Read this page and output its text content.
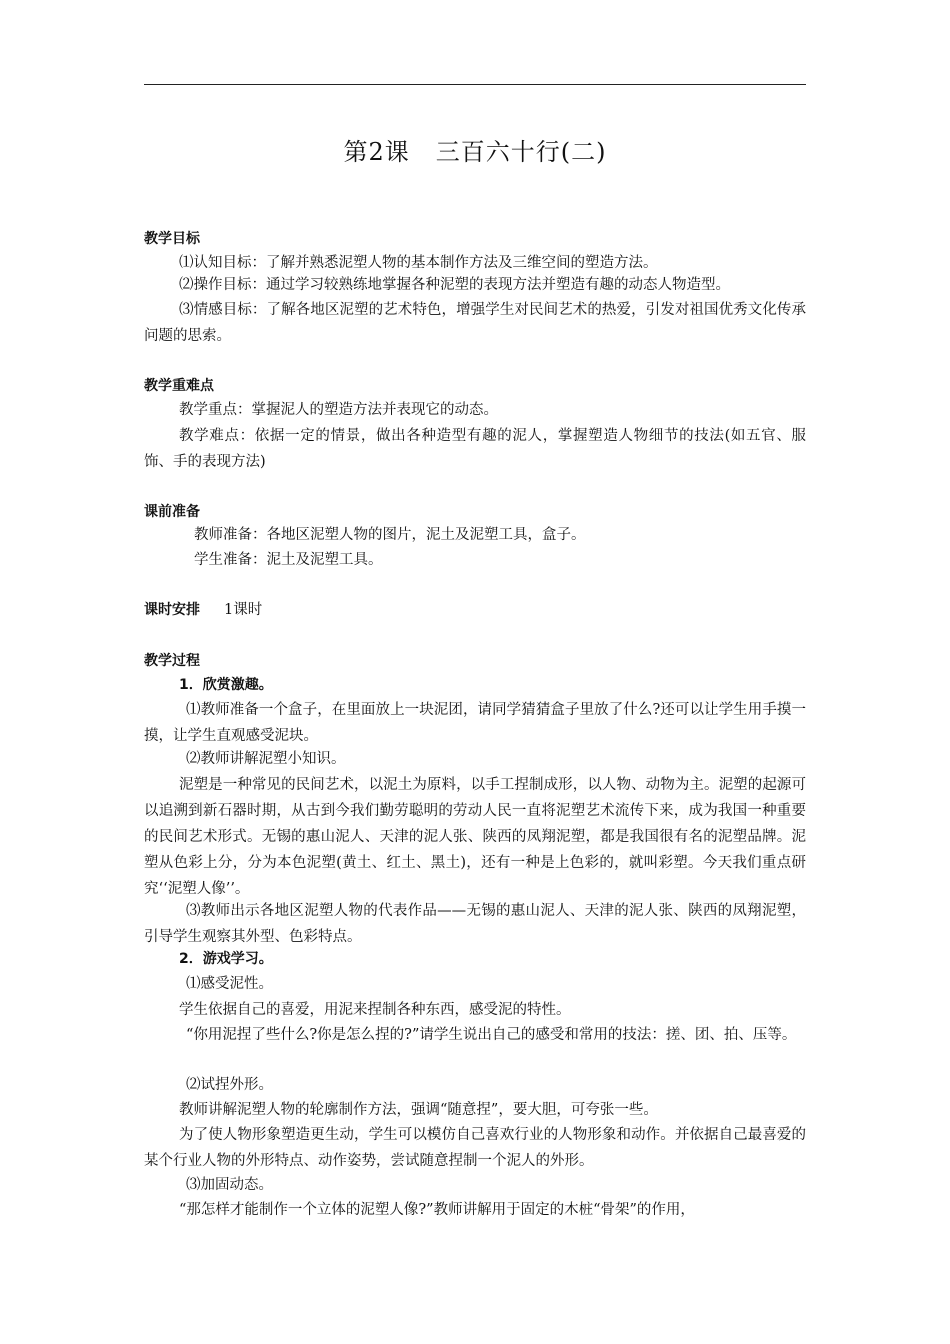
第2课 三百六十行(二)
教学目标
⑴认知目标：了解并熟悉泥塑人物的基本制作方法及三维空间的塑造方法。
⑵操作目标：通过学习较熟练地掌握各种泥塑的表现方法并塑造有趣的动态人物造型。
⑶情感目标：了解各地区泥塑的艺术特色，增强学生对民间艺术的热爱，引发对祖国优秀文化传承问题的思索。
教学重难点
教学重点：掌握泥人的塑造方法并表现它的动态。
教学难点：依据一定的情景，做出各种造型有趣的泥人，掌握塑造人物细节的技法(如五官、服饰、手的表现方法)
课前准备
教师准备：各地区泥塑人物的图片，泥土及泥塑工具，盒子。
学生准备：泥土及泥塑工具。
课时安排 1课时
教学过程
1．欣赏激趣。
⑴教师准备一个盒子，在里面放上一块泥团，请同学猜猜盒子里放了什么?还可以让学生用手摸一摸，让学生直观感受泥块。
⑵教师讲解泥塑小知识。
泥塑是一种常见的民间艺术，以泥土为原料，以手工捏制成形，以人物、动物为主。泥塑的起源可以追溯到新石器时期，从古到今我们勤劳聪明的劳动人民一直将泥塑艺术流传下来，成为我国一种重要的民间艺术形式。无锡的惠山泥人、天津的泥人张、陕西的凤翔泥塑，都是我国很有名的泥塑品牌。泥塑从色彩上分，分为本色泥塑(黄土、红土、黑土)，还有一种是上色彩的，就叫彩塑。今天我们重点研究‘‘泥塑人像’’。
⑶教师出示各地区泥塑人物的代表作品——无锡的惠山泥人、天津的泥人张、陕西的凤翔泥塑，引导学生观察其外型、色彩特点。
2．游戏学习。
⑴感受泥性。
学生依据自己的喜爱，用泥来捏制各种东西，感受泥的特性。
“你用泥捏了些什么?你是怎么捏的?”请学生说出自己的感受和常用的技法：搓、团、拍、压等。
⑵试捏外形。
教师讲解泥塑人物的轮廓制作方法，强调“随意捏”，要大胆，可夸张一些。
为了使人物形象塑造更生动，学生可以模仿自己喜欢行业的人物形象和动作。并依据自己最喜爱的某个行业人物的外形特点、动作姿势，尝试随意捏制一个泥人的外形。
⑶加固动态。
“那怎样才能制作一个立体的泥塑人像?”教师讲解用于固定的木桩“骨架”的作用，
